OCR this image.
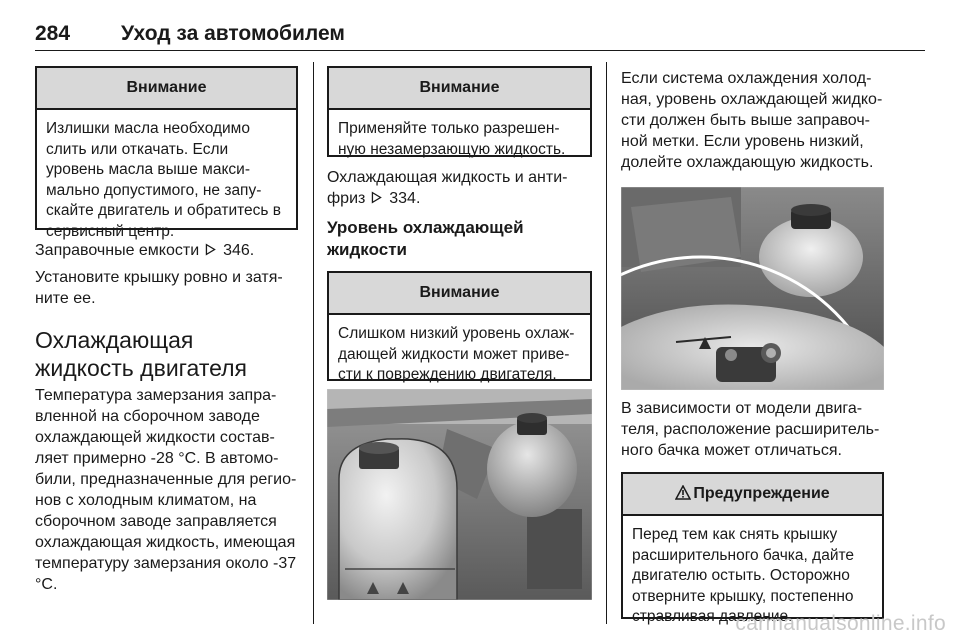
284 Уход за автомобилем
Внимание
Излишки масла необходимо слить или откачать. Если уровень масла выше макси-мально допустимого, не запу-скайте двигатель и обратитесь в сервисный центр.

Заправочные емкости 346.

Установите крышку ровно и затя-ните ее.

Охлаждающая жидкость двигателя

Температура замерзания запра-вленной на сборочном заводе охлаждающей жидкости состав-ляет примерно -28 °C. В автомо-били, предназначенные для регио-нов с холодным климатом, на сборочном заводе заправляется охлаждающая жидкость, имеющая температуру замерзания около -37 °C.

Внимание
Применяйте только разрешен-ную незамерзающую жидкость.

Охлаждающая жидкость и анти-фриз 334.

Уровень охлаждающей жидкости
Внимание
Слишком низкий уровень охлаж-дающей жидкости может приве-сти к повреждению двигателя.

Если система охлаждения холод-ная, уровень охлаждающей жидко-сти должен быть выше заправоч-ной метки. Если уровень низкий, долейте охлаждающую жидкость.

В зависимости от модели двига-теля, расположение расширитель-ного бачка может отличаться.

Предупреждение
Перед тем как снять крышку расширительного бачка, дайте двигателю остыть. Осторожно отверните крышку, постепенно стравливая давление.
carmanualsonline.info
